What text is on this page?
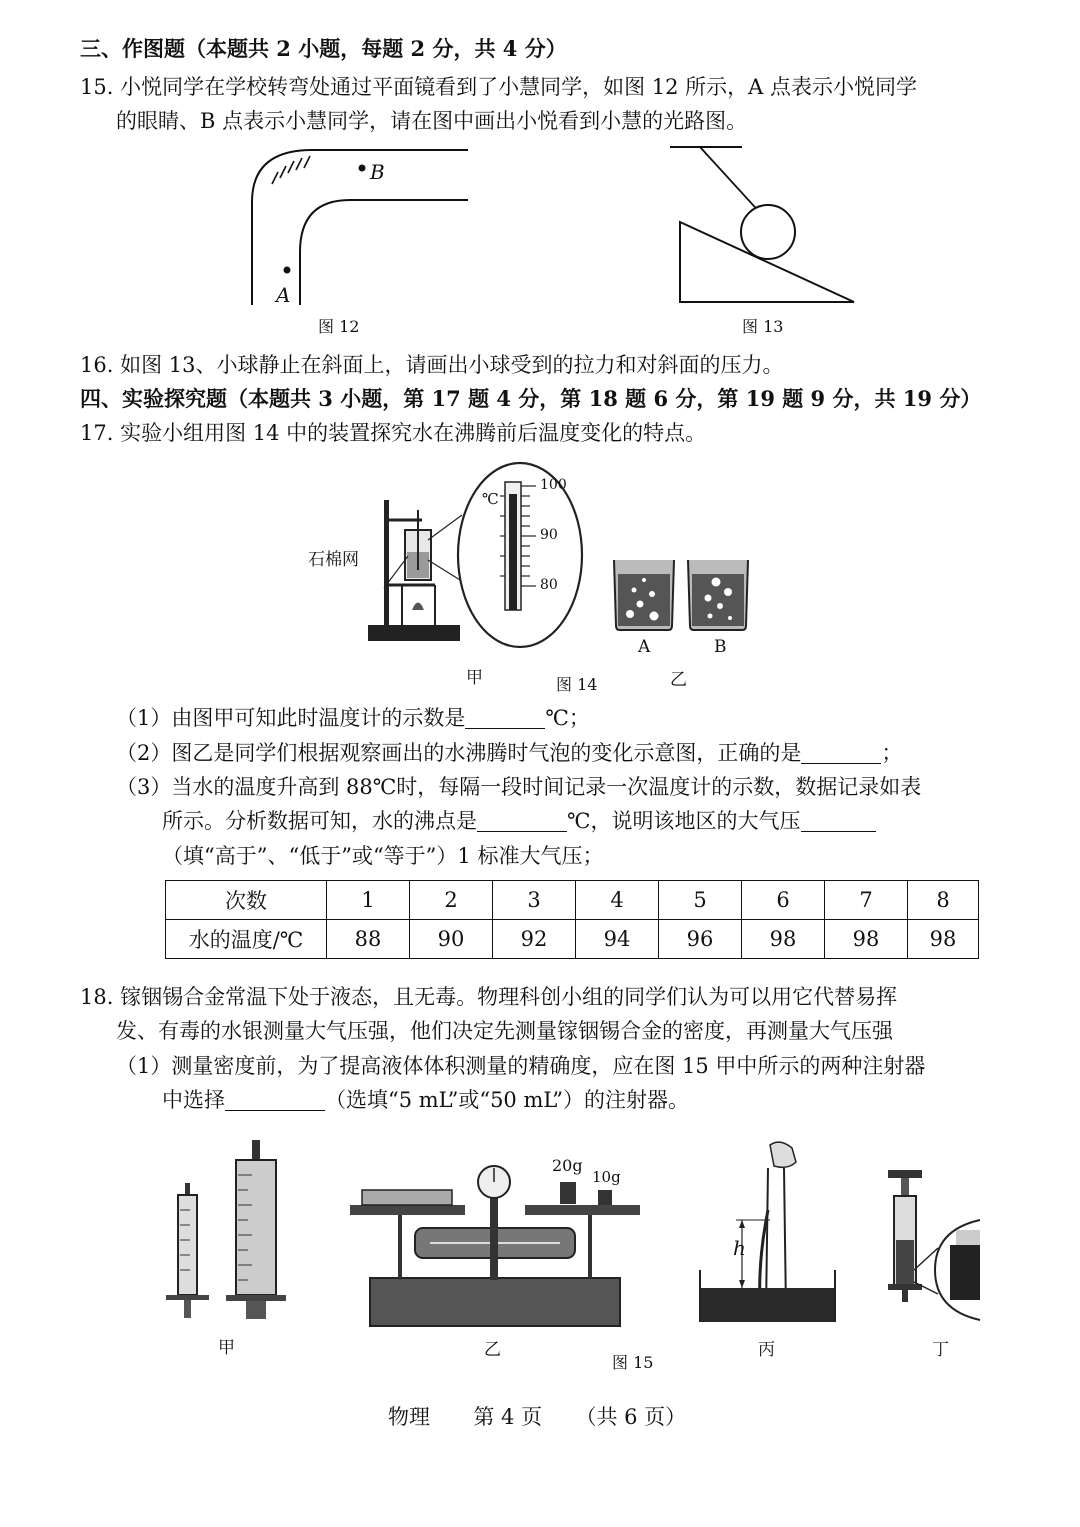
三、作图题（本题共 2 小题，每题 2 分，共 4 分）
15. 小悦同学在学校转弯处通过平面镜看到了小慧同学，如图 12 所示，A 点表示小悦同学
的眼睛、B 点表示小慧同学，请在图中画出小悦看到小慧的光路图。
B
A
图 12	图 13
16. 如图 13、小球静止在斜面上，请画出小球受到的拉力和对斜面的压力。
四、实验探究题（本题共 3 小题，第 17 题 4 分，第 18 题 6 分，第 19 题 9 分，共 19 分）
17. 实验小组用图 14 中的装置探究水在沸腾前后温度变化的特点。
℃
100
90
80
石棉网
A	B
甲	乙
图 14
（1）由图甲可知此时温度计的示数是	℃；
（2）图乙是同学们根据观察画出的水沸腾时气泡的变化示意图，正确的是	；
（3）当水的温度升高到 88℃时，每隔一段时间记录一次温度计的示数，数据记录如表
所示。分析数据可知，水的沸点是	℃，说明该地区的大气压
（填“高于”、“低于”或“等于”）1 标准大气压；
次数	1	2	3	4	5	6	7	8
水的温度/℃	88	90	92	94	96	98	98	98
18. 镓铟锡合金常温下处于液态，且无毒。物理科创小组的同学们认为可以用它代替易挥
发、有毒的水银测量大气压强，他们决定先测量镓铟锡合金的密度，再测量大气压强
（1）测量密度前，为了提高液体体积测量的精确度，应在图 15 甲中所示的两种注射器
中选择	（选填“5 mL”或“50 mL”）的注射器。
甲
20g
10g
乙
图 15
h
丙	丁
物理 第 4 页 （共 6 页）
